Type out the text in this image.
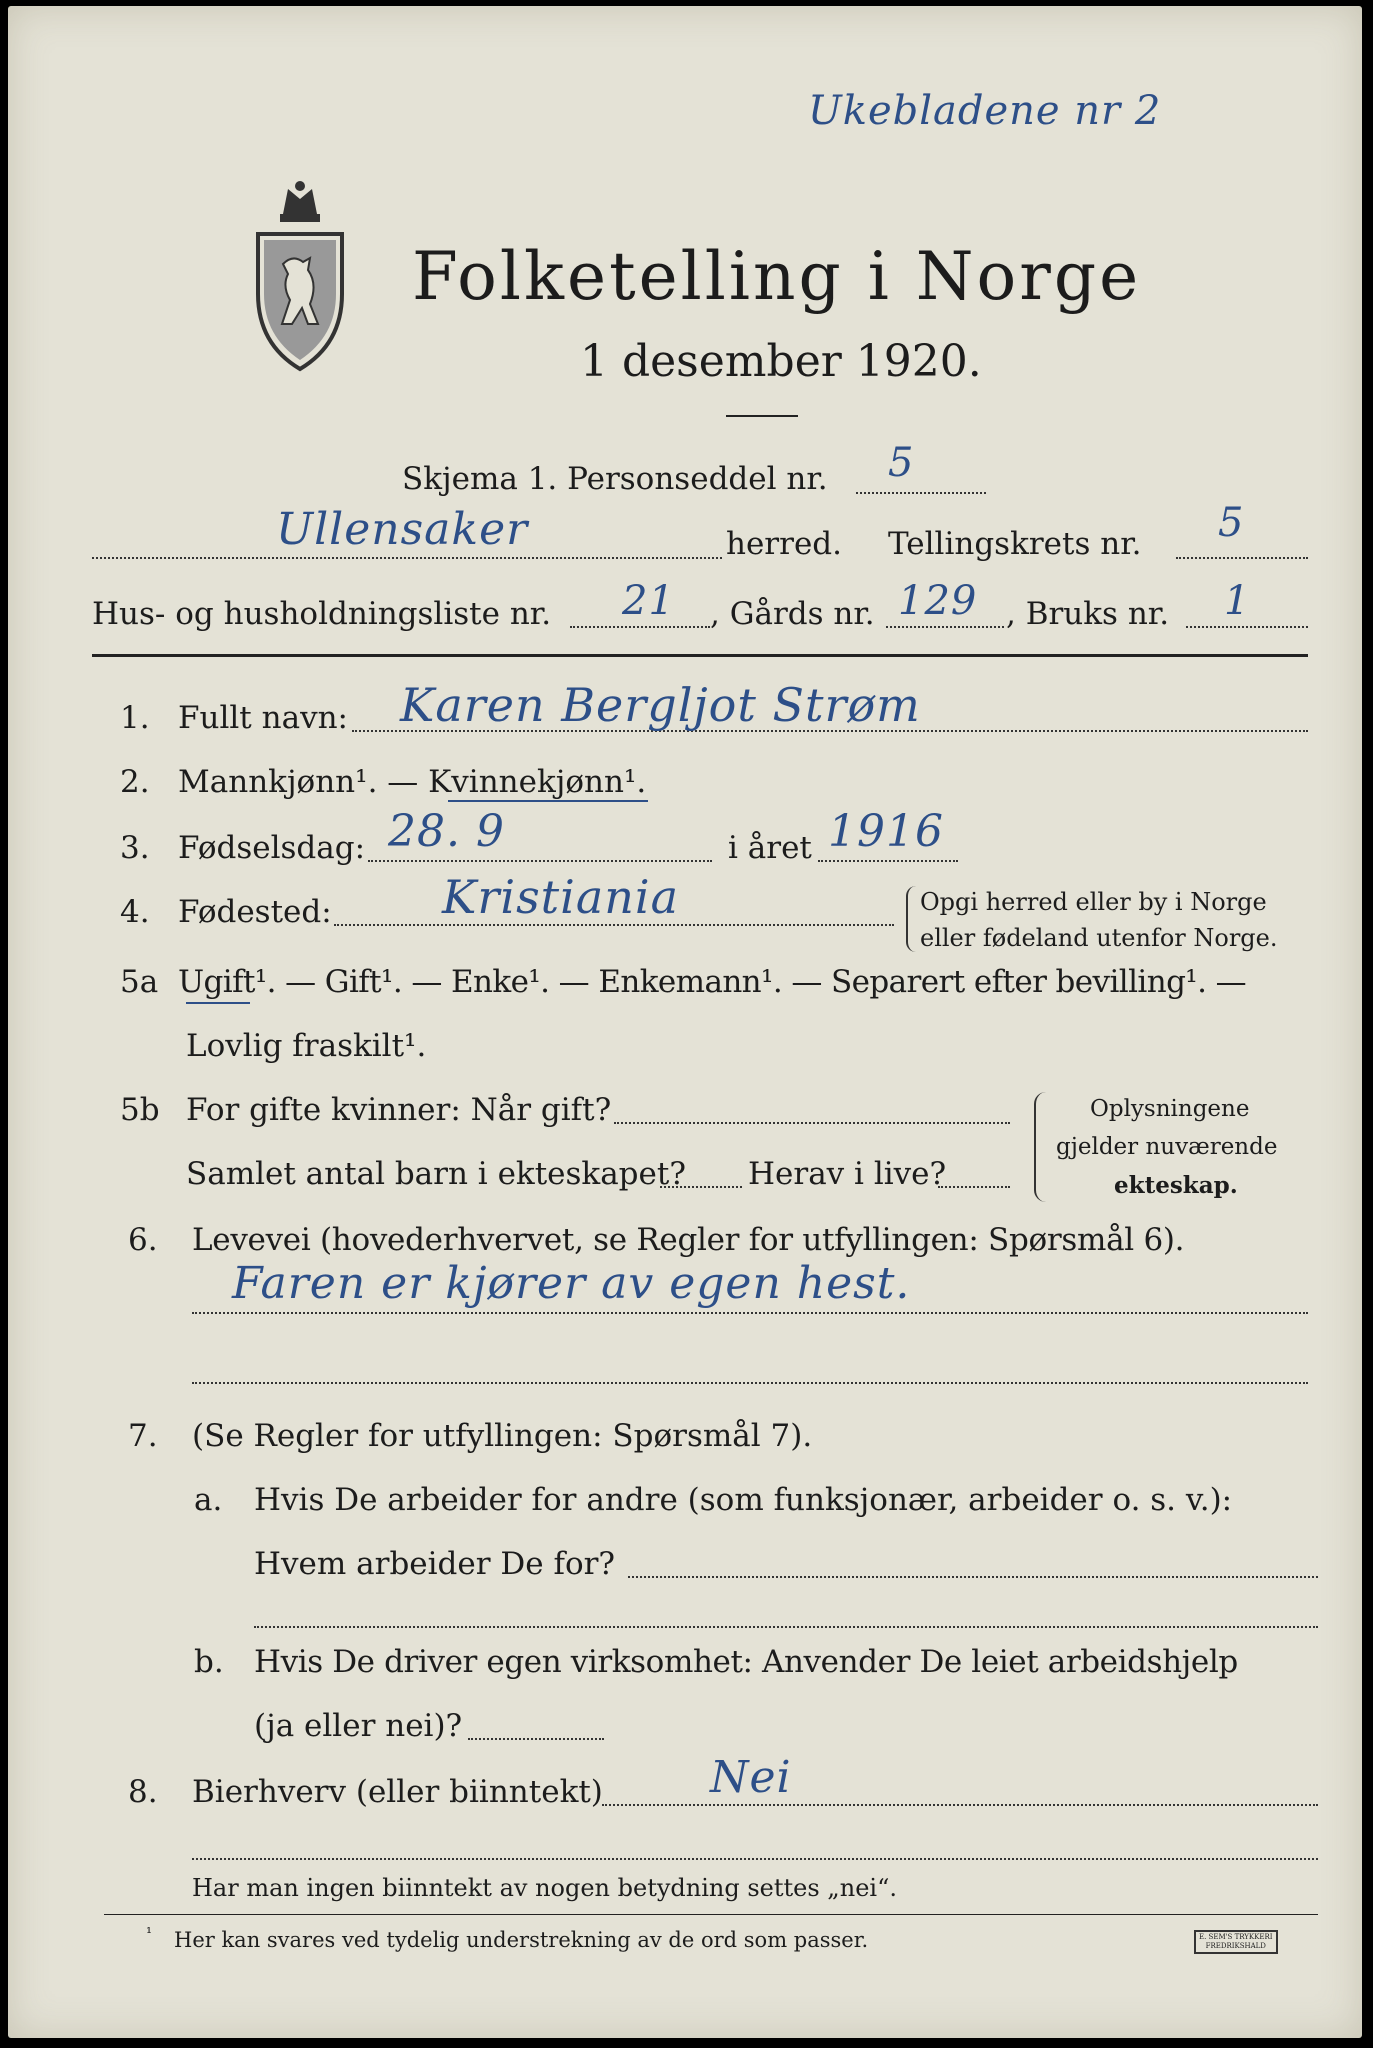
Ukebladene nr 2
Folketelling i Norge
1 desember 1920.
Skjema 1. Personseddel nr. 5
Ullensaker	herred. Tellingskrets nr. 5
Hus- og husholdningsliste nr. 21 , Gårds nr. 129 , Bruks nr. 1
1. Fullt navn: Karen Bergljot Strøm
2. Mannkjønn¹. — Kvinnekjønn¹.
3. Fødselsdag: 28. 9	i året 1916
4. Fødested: Kristiania	Opgi herred eller by i Norge
eller fødeland utenfor Norge.
5a Ugift¹. — Gift¹. — Enke¹. — Enkemann¹. — Separert efter bevilling¹. —
Lovlig fraskilt¹.
5b For gifte kvinner: Når gift?
Samlet antal barn i ekteskapet? Herav i live?
Oplysningene
gjelder nuværende
ekteskap.
6. Levevei (hovederhvervet, se Regler for utfyllingen: Spørsmål 6).
Faren er kjører av egen hest.
7. (Se Regler for utfyllingen: Spørsmål 7).
a. Hvis De arbeider for andre (som funksjonær, arbeider o. s. v.):
Hvem arbeider De for?
b. Hvis De driver egen virksomhet: Anvender De leiet arbeidshjelp
(ja eller nei)?
8. Bierhverv (eller biinntekt) Nei
Har man ingen biinntekt av nogen betydning settes „nei“.
¹ Her kan svares ved tydelig understrekning av de ord som passer.	E. SEM'S TRYKKERI
FREDRIKSHALD
